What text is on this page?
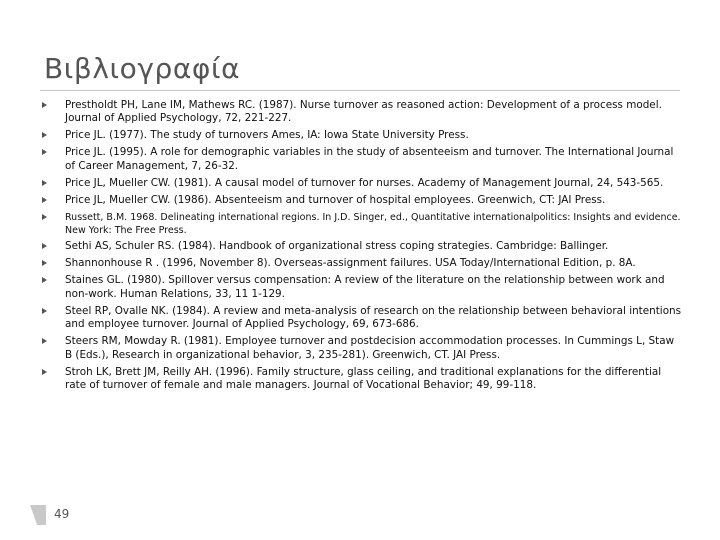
Βιβλιογραφία
Prestholdt PH, Lane IM, Mathews RC. (1987). Nurse turnover as reasoned action: Development of a process model. Journal of Applied Psychology, 72, 221-227.
Price JL. (1977). The study of turnovers Ames, IA: Iowa State University Press.
Price JL. (1995). A role for demographic variables in the study of absenteeism and turnover. The International Journal of Career Management, 7, 26-32.
Price JL, Mueller CW. (1981). A causal model of turnover for nurses. Academy of Management Journal, 24, 543-565.
Price JL, Mueller CW. (1986). Absenteeism and turnover of hospital employees. Greenwich, CT: JAI Press.
Russett, B.M. 1968. Delineating international regions. In J.D. Singer, ed., Quantitative internationalpolitics: Insights and evidence. New York: The Free Press.
Sethi AS, Schuler RS. (1984). Handbook of organizational stress coping strategies. Cambridge: Ballinger.
Shannonhouse R . (1996, November 8). Overseas-assignment failures. USA Today/International Edition, p. 8A.
Staines GL. (1980). Spillover versus compensation: A review of the literature on the relationship between work and non-work. Human Relations, 33, 11 1-129.
Steel RP, Ovalle NK. (1984). A review and meta-analysis of research on the relationship between behavioral intentions and employee turnover. Journal of Applied Psychology, 69, 673-686.
Steers RM, Mowday R. (1981). Employee turnover and postdecision accommodation processes. In Cummings L, Staw B (Eds.), Research in organizational behavior, 3, 235-281). Greenwich, CT. JAI Press.
Stroh LK, Brett JM, Reilly AH. (1996). Family structure, glass ceiling, and traditional explanations for the differential rate of turnover of female and male managers. Journal of Vocational Behavior; 49, 99-118.
49
